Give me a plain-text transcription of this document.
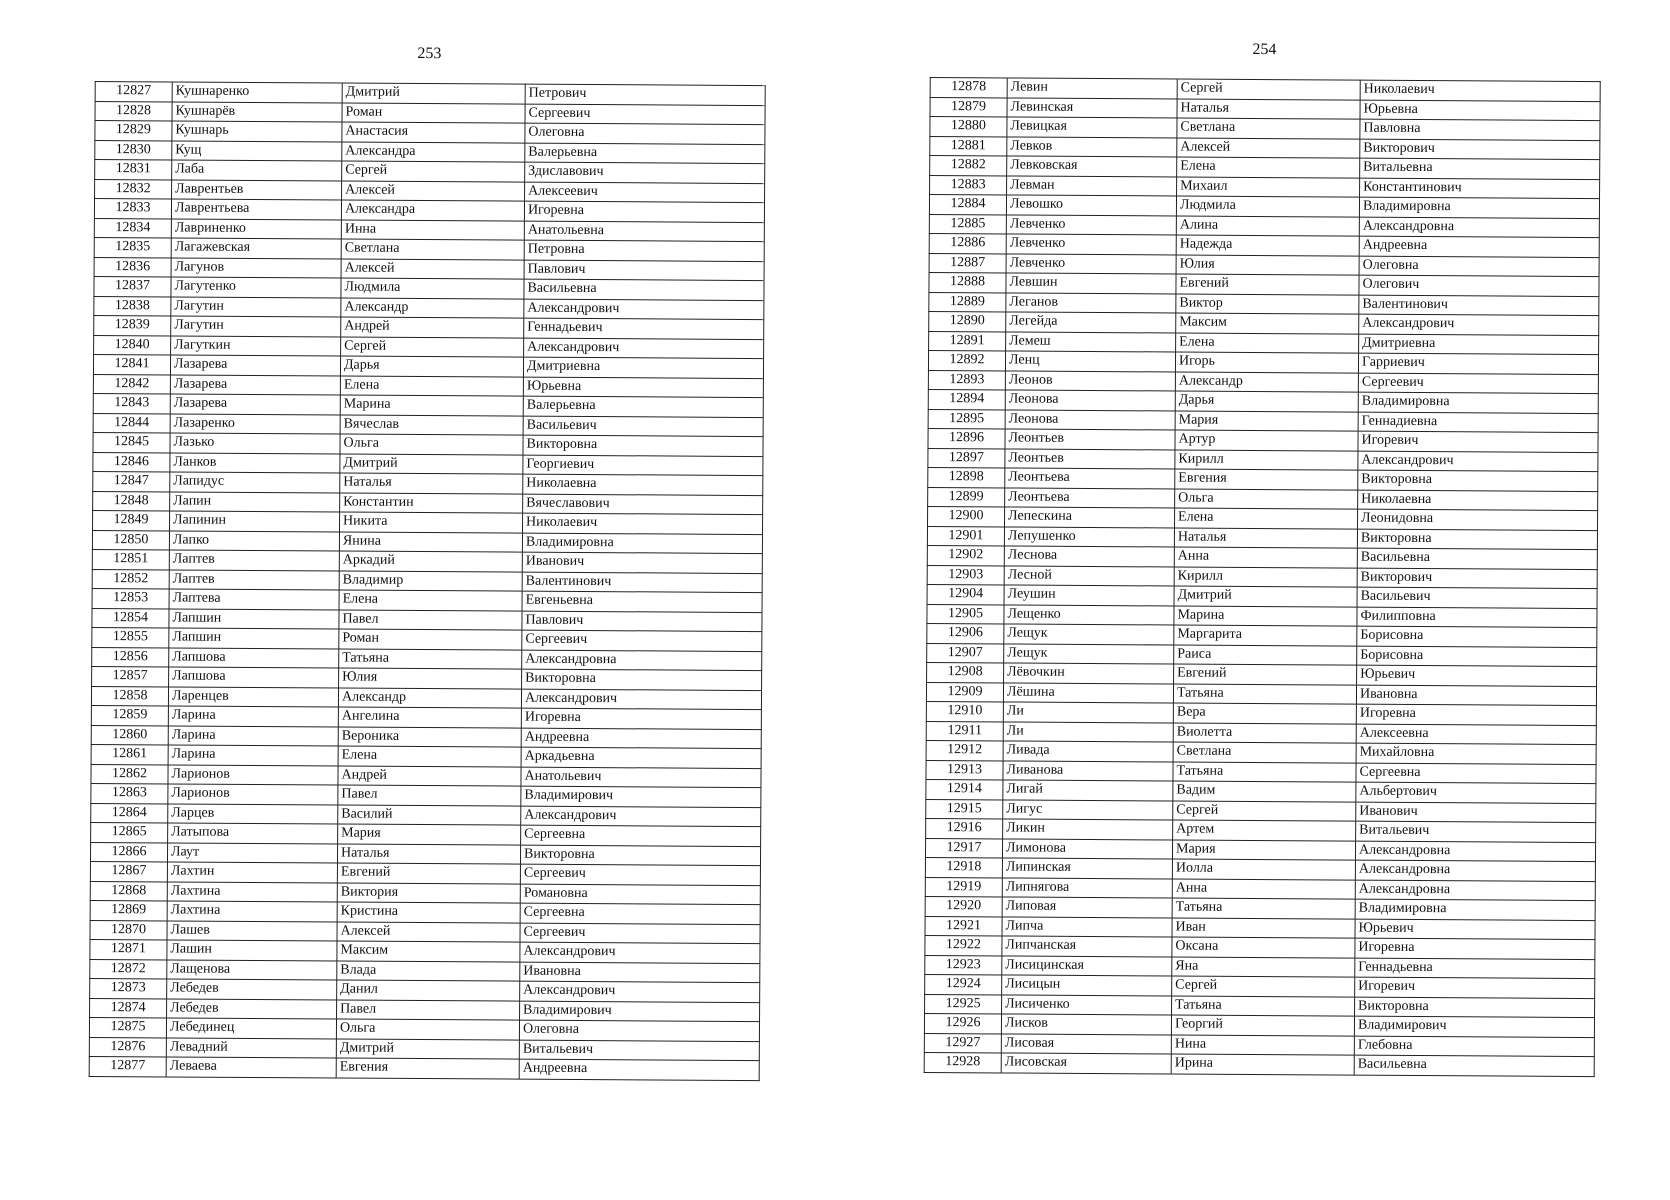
253
12827	Кушнаренко	Дмитрий	Петрович
12828	Кушнарёв	Роман	Сергеевич
12829	Кушнарь	Анастасия	Олеговна
12830	Кущ	Александра	Валерьевна
12831	Лаба	Сергей	Здиславович
12832	Лаврентьев	Алексей	Алексеевич
12833	Лаврентьева	Александра	Игоревна
12834	Лавриненко	Инна	Анатольевна
12835	Лагажевская	Светлана	Петровна
12836	Лагунов	Алексей	Павлович
12837	Лагутенко	Людмила	Васильевна
12838	Лагутин	Александр	Александрович
12839	Лагутин	Андрей	Геннадьевич
12840	Лагуткин	Сергей	Александрович
12841	Лазарева	Дарья	Дмитриевна
12842	Лазарева	Елена	Юрьевна
12843	Лазарева	Марина	Валерьевна
12844	Лазаренко	Вячеслав	Васильевич
12845	Лазько	Ольга	Викторовна
12846	Ланков	Дмитрий	Георгиевич
12847	Лапидус	Наталья	Николаевна
12848	Лапин	Константин	Вячеславович
12849	Лапинин	Никита	Николаевич
12850	Лапко	Янина	Владимировна
12851	Лаптев	Аркадий	Иванович
12852	Лаптев	Владимир	Валентинович
12853	Лаптева	Елена	Евгеньевна
12854	Лапшин	Павел	Павлович
12855	Лапшин	Роман	Сергеевич
12856	Лапшова	Татьяна	Александровна
12857	Лапшова	Юлия	Викторовна
12858	Ларенцев	Александр	Александрович
12859	Ларина	Ангелина	Игоревна
12860	Ларина	Вероника	Андреевна
12861	Ларина	Елена	Аркадьевна
12862	Ларионов	Андрей	Анатольевич
12863	Ларионов	Павел	Владимирович
12864	Ларцев	Василий	Александрович
12865	Латыпова	Мария	Сергеевна
12866	Лаут	Наталья	Викторовна
12867	Лахтин	Евгений	Сергеевич
12868	Лахтина	Виктория	Романовна
12869	Лахтина	Кристина	Сергеевна
12870	Лашев	Алексей	Сергеевич
12871	Лашин	Максим	Александрович
12872	Лащенова	Влада	Ивановна
12873	Лебедев	Данил	Александрович
12874	Лебедев	Павел	Владимирович
12875	Лебединец	Ольга	Олеговна
12876	Левадний	Дмитрий	Витальевич
12877	Леваева	Евгения	Андреевна
254
12878	Левин	Сергей	Николаевич
12879	Левинская	Наталья	Юрьевна
12880	Левицкая	Светлана	Павловна
12881	Левков	Алексей	Викторович
12882	Левковская	Елена	Витальевна
12883	Левман	Михаил	Константинович
12884	Левошко	Людмила	Владимировна
12885	Левченко	Алина	Александровна
12886	Левченко	Надежда	Андреевна
12887	Левченко	Юлия	Олеговна
12888	Левшин	Евгений	Олегович
12889	Леганов	Виктор	Валентинович
12890	Легейда	Максим	Александрович
12891	Лемеш	Елена	Дмитриевна
12892	Ленц	Игорь	Гарриевич
12893	Леонов	Александр	Сергеевич
12894	Леонова	Дарья	Владимировна
12895	Леонова	Мария	Геннадиевна
12896	Леонтьев	Артур	Игоревич
12897	Леонтьев	Кирилл	Александрович
12898	Леонтьева	Евгения	Викторовна
12899	Леонтьева	Ольга	Николаевна
12900	Лепескина	Елена	Леонидовна
12901	Лепушенко	Наталья	Викторовна
12902	Леснова	Анна	Васильевна
12903	Лесной	Кирилл	Викторович
12904	Леушин	Дмитрий	Васильевич
12905	Лещенко	Марина	Филипповна
12906	Лещук	Маргарита	Борисовна
12907	Лещук	Раиса	Борисовна
12908	Лёвочкин	Евгений	Юрьевич
12909	Лёшина	Татьяна	Ивановна
12910	Ли	Вера	Игоревна
12911	Ли	Виолетта	Алексеевна
12912	Ливада	Светлана	Михайловна
12913	Ливанова	Татьяна	Сергеевна
12914	Лигай	Вадим	Альбертович
12915	Лигус	Сергей	Иванович
12916	Ликин	Артем	Витальевич
12917	Лимонова	Мария	Александровна
12918	Липинская	Иолла	Александровна
12919	Липнягова	Анна	Александровна
12920	Липовая	Татьяна	Владимировна
12921	Липча	Иван	Юрьевич
12922	Липчанская	Оксана	Игоревна
12923	Лисицинская	Яна	Геннадьевна
12924	Лисицын	Сергей	Игоревич
12925	Лисиченко	Татьяна	Викторовна
12926	Лисков	Георгий	Владимирович
12927	Лисовая	Нина	Глебовна
12928	Лисовская	Ирина	Васильевна
